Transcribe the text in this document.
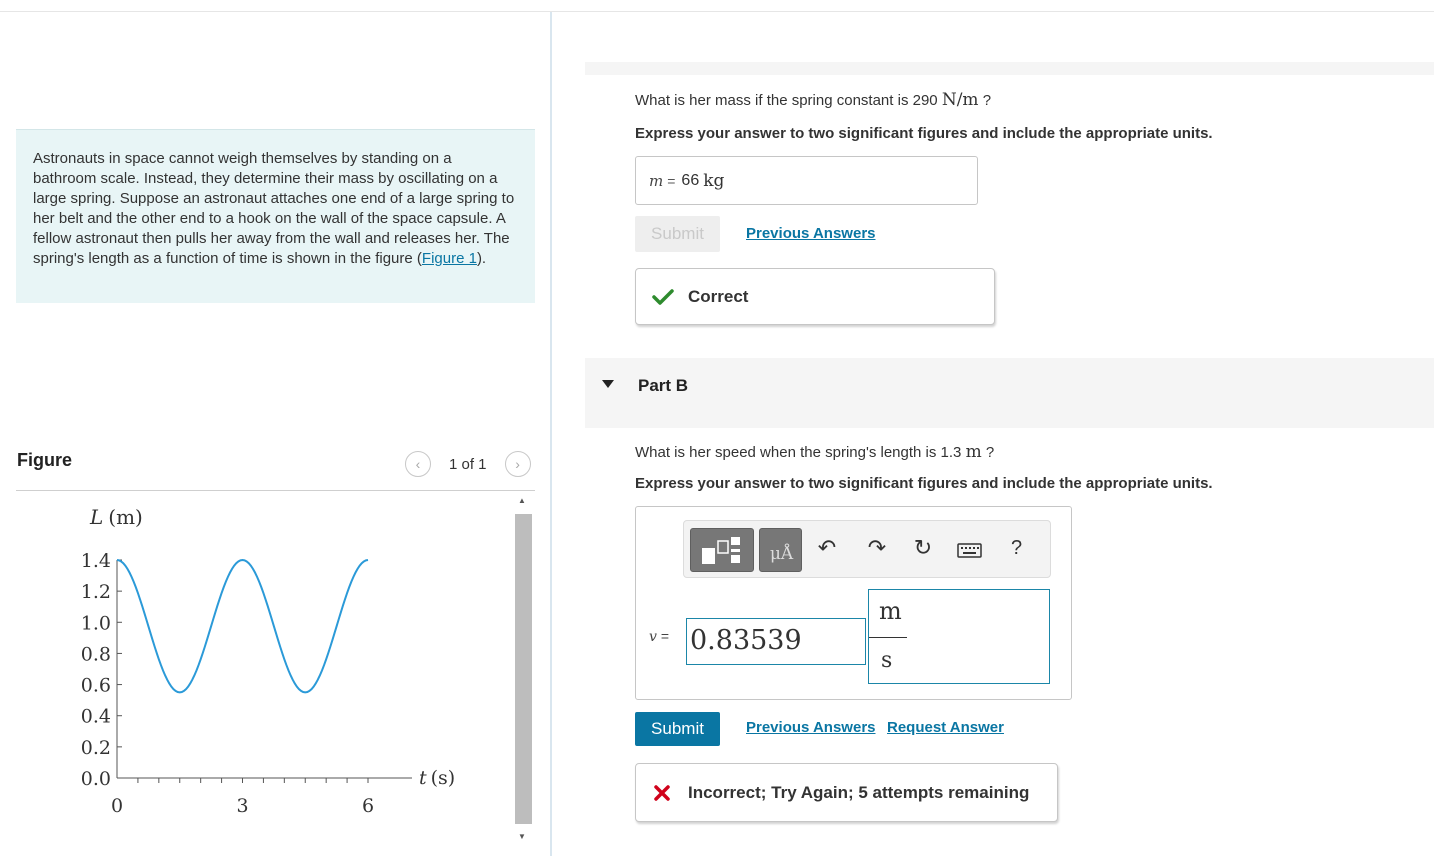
Astronauts in space cannot weigh themselves by standing on a bathroom scale. Instead, they determine their mass by oscillating on a large spring. Suppose an astronaut attaches one end of a large spring to her belt and the other end to a hook on the wall of the space capsule. A fellow astronaut then pulls her away from the wall and releases her. The spring's length as a function of time is shown in the figure (Figure 1).
Figure	‹ 1 of 1 ›
L (m)
t (s)
1.4
1.2
1.0
0.8
0.6
0.4
0.2
0.0
0	3	6
▲
▼
What is her mass if the spring constant is 290 N/m ?
Express your answer to two significant figures and include the appropriate units.
m = 66 kg
Submit	Previous Answers
Correct
Part B
What is her speed when the spring's length is 1.3 m ?
Express your answer to two significant figures and include the appropriate units.
μÅ	↶ ↷ ↻	?
v = 0.83539
m
s
Submit	Previous Answers Request Answer
Incorrect; Try Again; 5 attempts remaining
